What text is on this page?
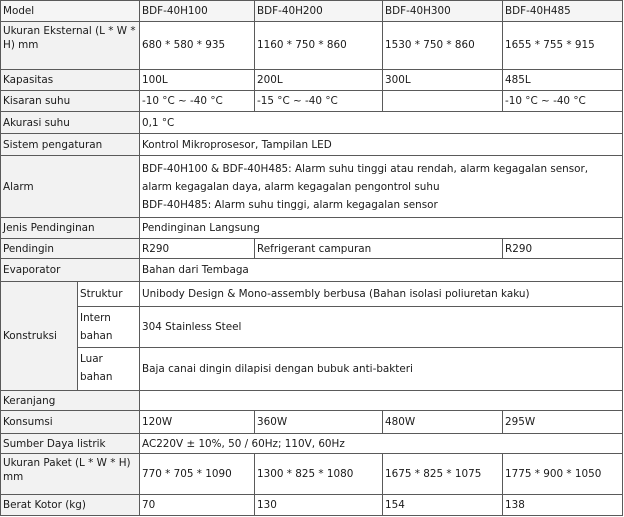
Model		BDF-40H100	BDF-40H200	BDF-40H300	BDF-40H485
Ukuran Eksternal (L * W * H) mm		680 * 580 * 935	1160 * 750 * 860	1530 * 750 * 860	1655 * 755 * 915
Kapasitas		100L	200L	300L	485L
Kisaran suhu		-10 °C ~ -40 °C	-15 °C ~ -40 °C		-10 °C ~ -40 °C
Akurasi suhu		0,1 °C			
Sistem pengaturan		Kontrol Mikroprosesor, Tampilan LED			
Alarm		BDF-40H100 & BDF-40H485: Alarm suhu tinggi atau rendah, alarm kegagalan sensor,
alarm kegagalan daya, alarm kegagalan pengontrol suhu
BDF-40H485: Alarm suhu tinggi, alarm kegagalan sensor			

Jenis Pendinginan		Pendinginan Langsung			
Pendingin		R290	Refrigerant campuran		R290
Evaporator		Bahan dari Tembaga			
Konstruksi	Struktur	Unibody Design & Mono-assembly berbusa (Bahan isolasi poliuretan kaku)			
	Intern bahan	304 Stainless Steel			
	Luar bahan	Baja canai dingin dilapisi dengan bubuk anti-bakteri			
Keranjang					
Konsumsi		120W	360W	480W	295W
Sumber Daya listrik		AC220V ± 10%, 50 / 60Hz; 110V, 60Hz			
Ukuran Paket (L * W * H) mm		770 * 705 * 1090	1300 * 825 * 1080	1675 * 825 * 1075	1775 * 900 * 1050
Berat Kotor (kg)		70	130	154	138
